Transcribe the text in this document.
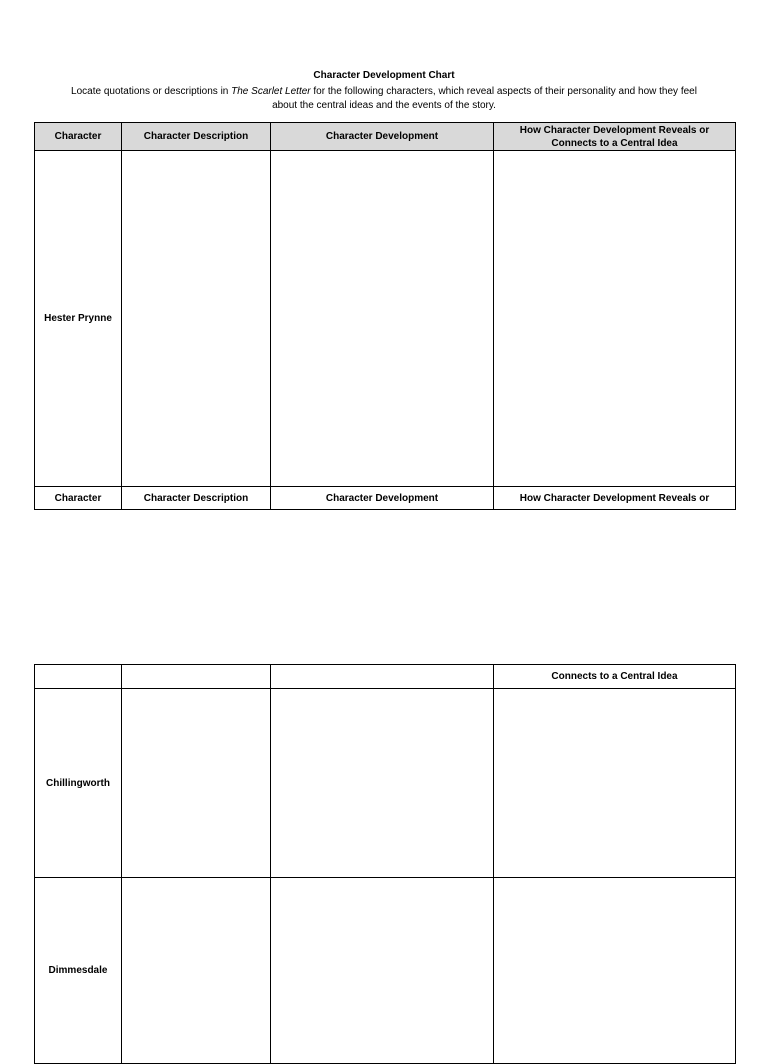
Character Development Chart
Locate quotations or descriptions in The Scarlet Letter for the following characters, which reveal aspects of their personality and how they feel about the central ideas and the events of the story.
Character	Character Description	Character Development	How Character Development Reveals or Connects to a Central Idea
Hester Prynne			
Character	Character Description	Character Development	How Character Development Reveals or
			Connects to a Central Idea
Chillingworth			
Dimmesdale			
